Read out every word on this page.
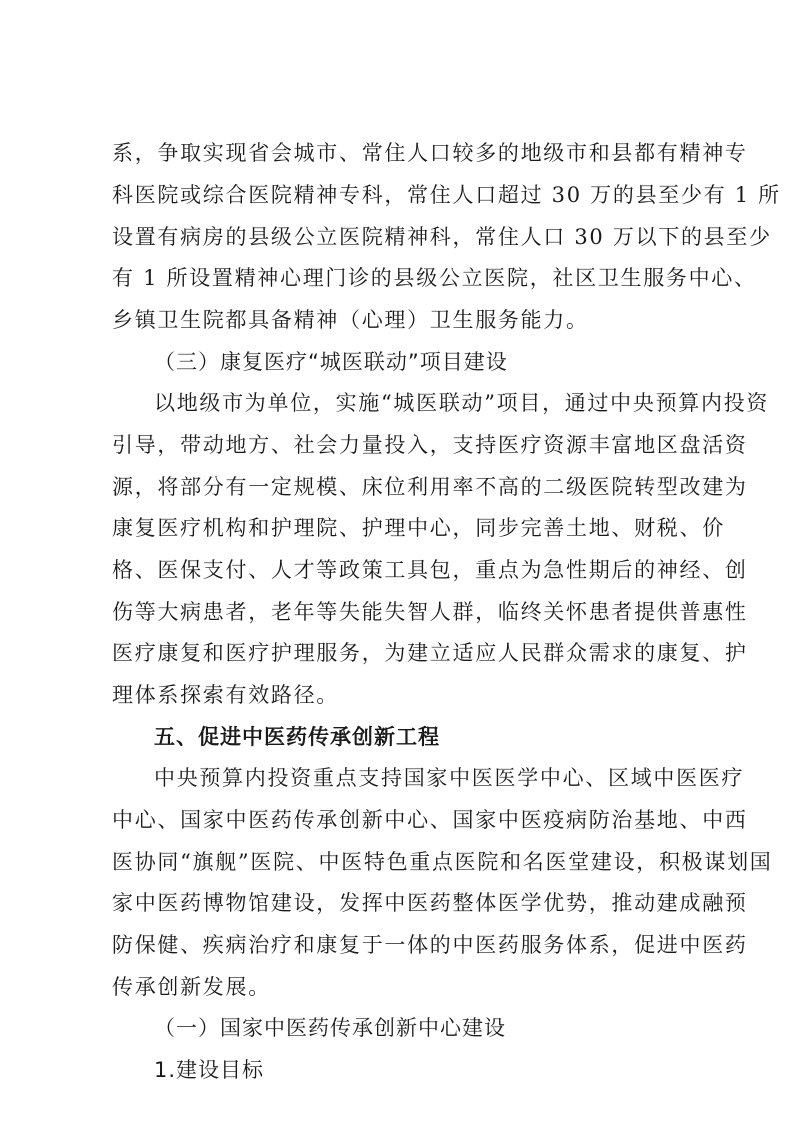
系，争取实现省会城市、常住人口较多的地级市和县都有精神专
科医院或综合医院精神专科，常住人口超过 30 万的县至少有 1 所
设置有病房的县级公立医院精神科，常住人口 30 万以下的县至少
有 1 所设置精神心理门诊的县级公立医院，社区卫生服务中心、
乡镇卫生院都具备精神（心理）卫生服务能力。
（三）康复医疗“城医联动”项目建设
以地级市为单位，实施“城医联动”项目，通过中央预算内投资
引导，带动地方、社会力量投入，支持医疗资源丰富地区盘活资
源，将部分有一定规模、床位利用率不高的二级医院转型改建为
康复医疗机构和护理院、护理中心，同步完善土地、财税、价
格、医保支付、人才等政策工具包，重点为急性期后的神经、创
伤等大病患者，老年等失能失智人群，临终关怀患者提供普惠性
医疗康复和医疗护理服务，为建立适应人民群众需求的康复、护
理体系探索有效路径。
五、促进中医药传承创新工程
中央预算内投资重点支持国家中医医学中心、区域中医医疗
中心、国家中医药传承创新中心、国家中医疫病防治基地、中西
医协同“旗舰”医院、中医特色重点医院和名医堂建设，积极谋划国
家中医药博物馆建设，发挥中医药整体医学优势，推动建成融预
防保健、疾病治疗和康复于一体的中医药服务体系，促进中医药
传承创新发展。
（一）国家中医药传承创新中心建设
1.建设目标
